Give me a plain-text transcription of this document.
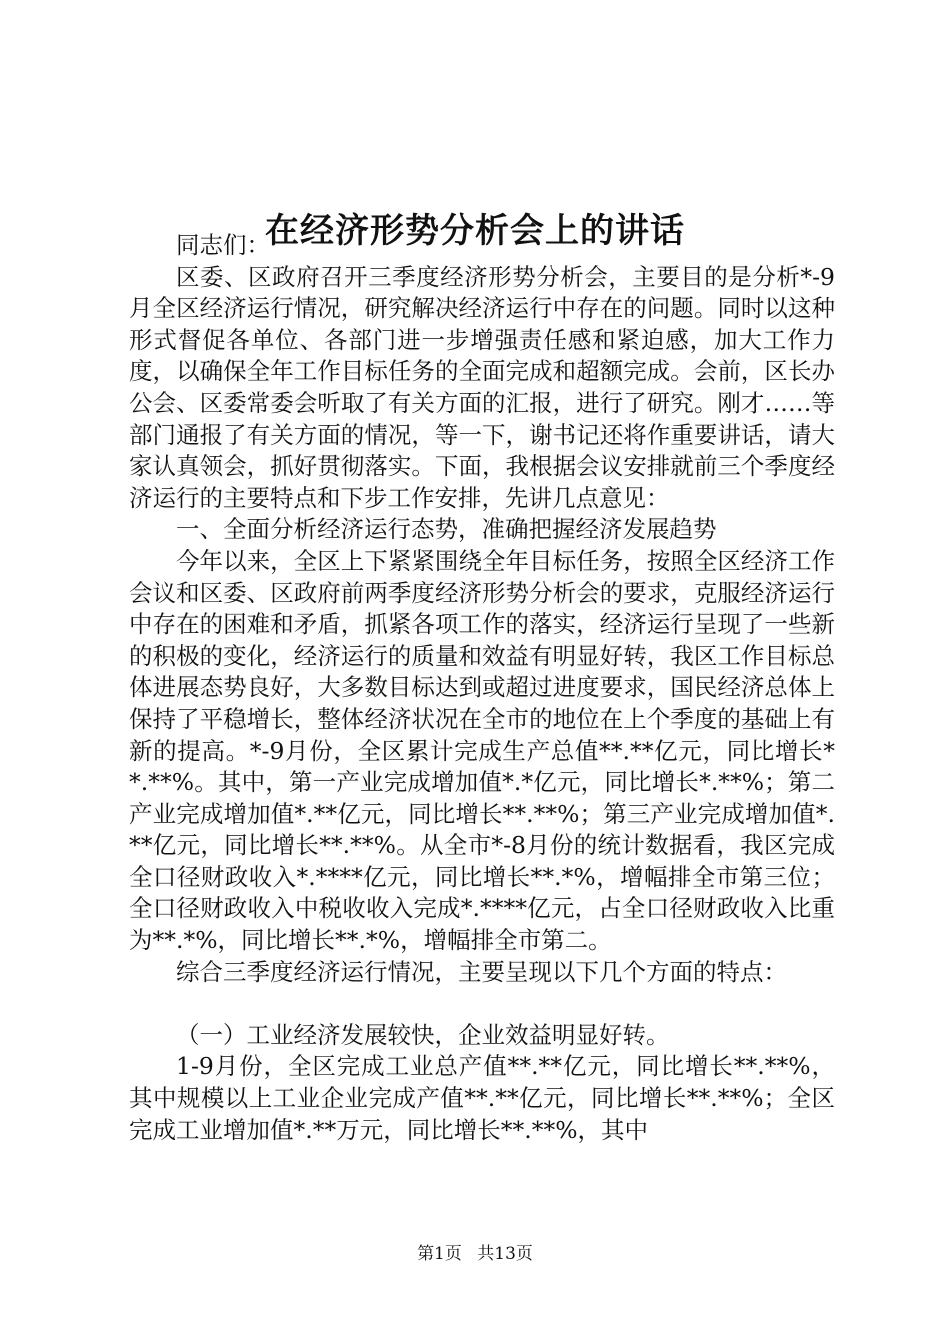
在经济形势分析会上的讲话

同志们：

区委、区政府召开三季度经济形势分析会，主要目的是分析*-9月全区经济运行情况，研究解决经济运行中存在的问题。同时以这种形式督促各单位、各部门进一步增强责任感和紧迫感，加大工作力度，以确保全年工作目标任务的全面完成和超额完成。会前，区长办公会、区委常委会听取了有关方面的汇报，进行了研究。刚才……等部门通报了有关方面的情况，等一下，谢书记还将作重要讲话，请大家认真领会，抓好贯彻落实。下面，我根据会议安排就前三个季度经济运行的主要特点和下步工作安排，先讲几点意见：

一、全面分析经济运行态势，准确把握经济发展趋势

今年以来，全区上下紧紧围绕全年目标任务，按照全区经济工作会议和区委、区政府前两季度经济形势分析会的要求，克服经济运行中存在的困难和矛盾，抓紧各项工作的落实，经济运行呈现了一些新的积极的变化，经济运行的质量和效益有明显好转，我区工作目标总体进展态势良好，大多数目标达到或超过进度要求，国民经济总体上保持了平稳增长，整体经济状况在全市的地位在上个季度的基础上有新的提高。*-9月份，全区累计完成生产总值**.**亿元，同比增长**.**%。其中，第一产业完成增加值*.*亿元，同比增长*.**%；第二产业完成增加值*.**亿元，同比增长**.**%；第三产业完成增加值*.**亿元，同比增长**.**%。从全市*-8月份的统计数据看，我区完成全口径财政收入*.****亿元，同比增长**.*%，增幅排全市第三位；全口径财政收入中税收收入完成*.****亿元，占全口径财政收入比重为**.*%，同比增长**.*%，增幅排全市第二。

综合三季度经济运行情况，主要呈现以下几个方面的特点：

（一）工业经济发展较快，企业效益明显好转。

1-9月份，全区完成工业总产值**.**亿元，同比增长**.**%，其中规模以上工业企业完成产值**.**亿元，同比增长**.**%；全区完成工业增加值*.**万元，同比增长**.**%，其中

第1页 共13页
